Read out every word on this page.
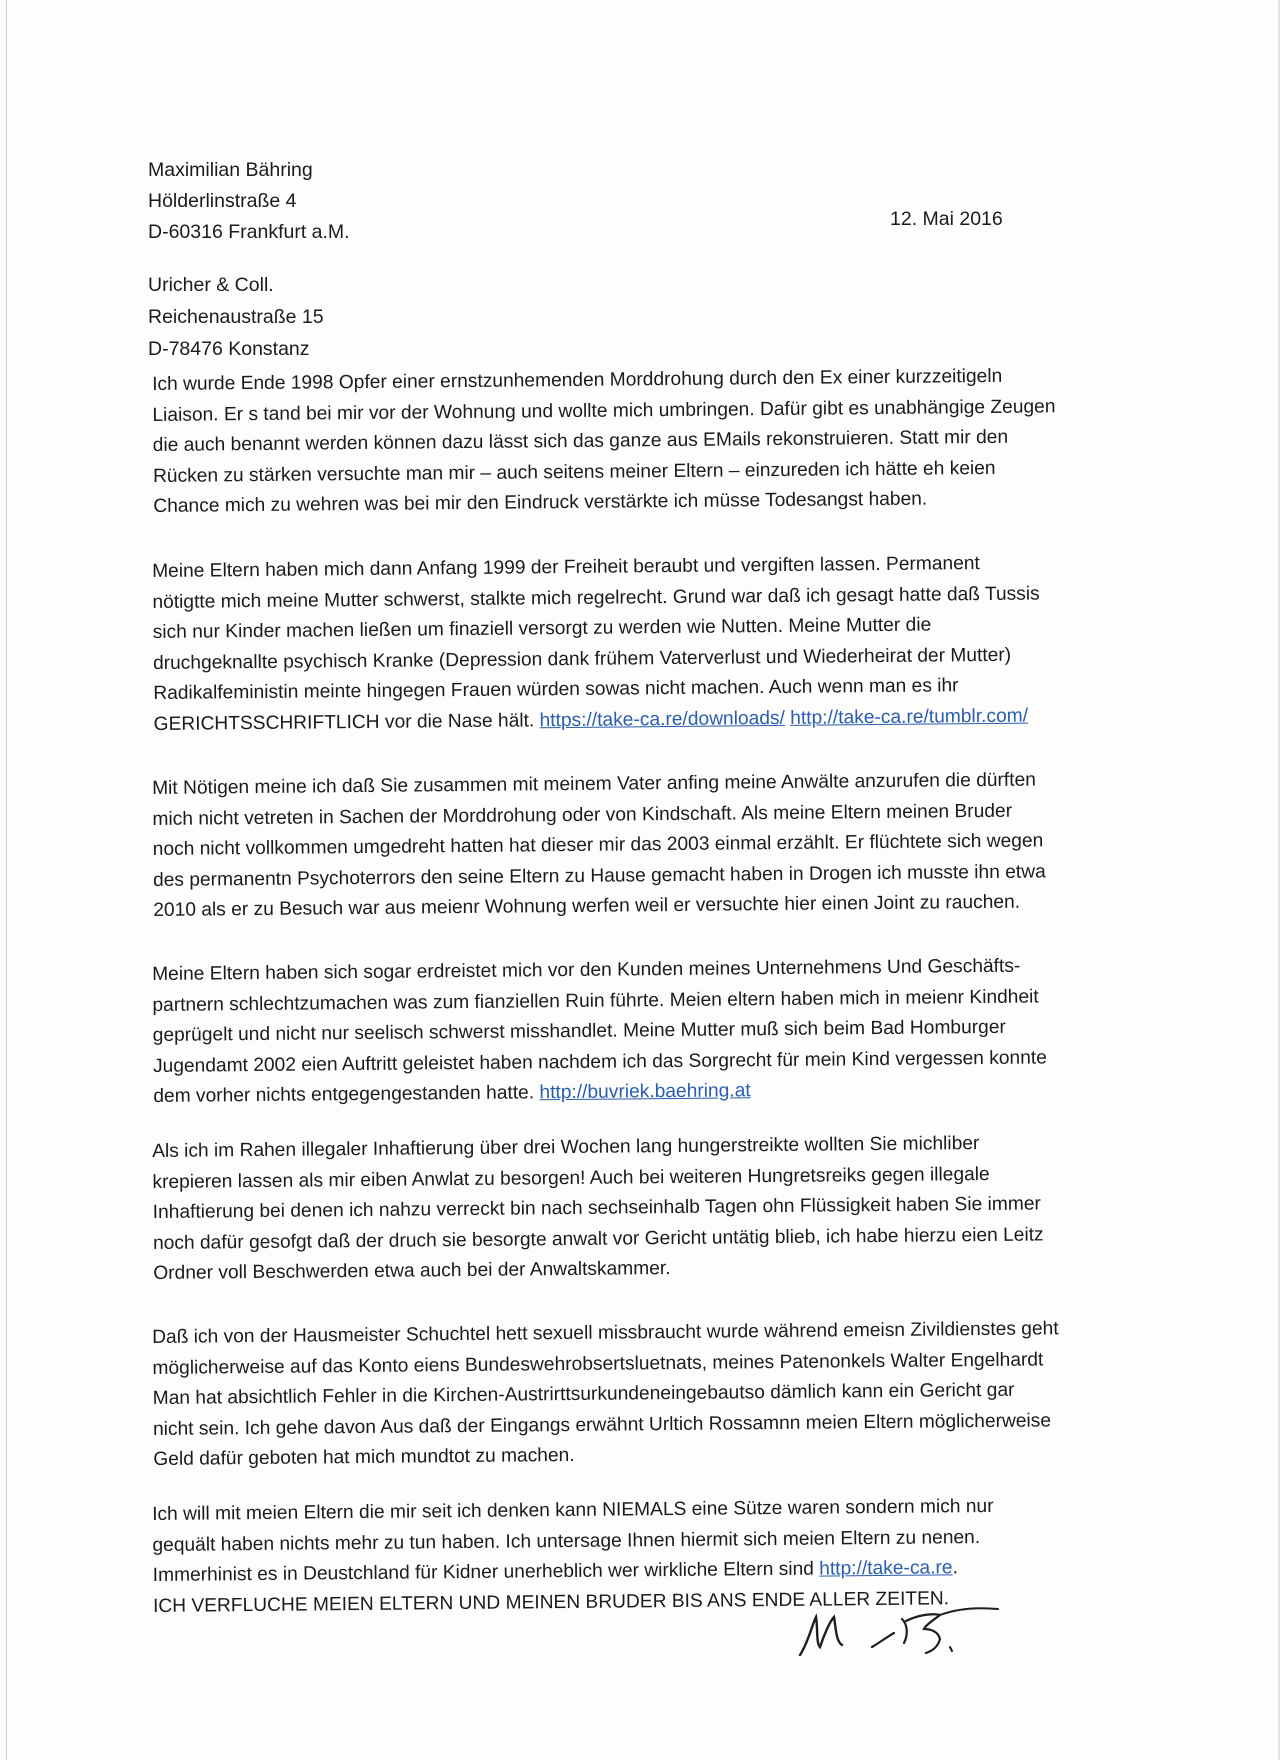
Maximilian Bähring
Hölderlinstraße 4
D-60316 Frankfurt a.M.
12. Mai 2016
Uricher & Coll.
Reichenaustraße 15
D-78476 Konstanz
Ich wurde Ende 1998 Opfer einer ernstzunhemenden Morddrohung durch den Ex einer kurzzeitigeln
Liaison. Er s tand bei mir vor der Wohnung und wollte mich umbringen. Dafür gibt es unabhängige Zeugen
die auch benannt werden können dazu lässt sich das ganze aus EMails rekonstruieren. Statt mir den
Rücken zu stärken versuchte man mir – auch seitens meiner Eltern – einzureden ich hätte eh keien
Chance mich zu wehren was bei mir den Eindruck verstärkte ich müsse Todesangst haben.
Meine Eltern haben mich dann Anfang 1999 der Freiheit beraubt und vergiften lassen. Permanent
nötigtte mich meine Mutter schwerst, stalkte mich regelrecht. Grund war daß ich gesagt hatte daß Tussis
sich nur Kinder machen ließen um finaziell versorgt zu werden wie Nutten. Meine Mutter die
druchgeknallte psychisch Kranke (Depression dank frühem Vaterverlust und Wiederheirat der Mutter)
Radikalfeministin meinte hingegen Frauen würden sowas nicht machen. Auch wenn man es ihr
GERICHTSSCHRIFTLICH vor die Nase hält. https://take-ca.re/downloads/ http://take-ca.re/tumblr.com/
Mit Nötigen meine ich daß Sie zusammen mit meinem Vater anfing meine Anwälte anzurufen die dürften
mich nicht vetreten in Sachen der Morddrohung oder von Kindschaft. Als meine Eltern meinen Bruder
noch nicht vollkommen umgedreht hatten hat dieser mir das 2003 einmal erzählt. Er flüchtete sich wegen
des permanentn Psychoterrors den seine Eltern zu Hause gemacht haben in Drogen ich musste ihn etwa
2010 als er zu Besuch war aus meienr Wohnung werfen weil er versuchte hier einen Joint zu rauchen.
Meine Eltern haben sich sogar erdreistet mich vor den Kunden meines Unternehmens Und Geschäfts-
partnern schlechtzumachen was zum fianziellen Ruin führte. Meien eltern haben mich in meienr Kindheit
geprügelt und nicht nur seelisch schwerst misshandlet. Meine Mutter muß sich beim Bad Homburger
Jugendamt 2002 eien Auftritt geleistet haben nachdem ich das Sorgrecht für mein Kind vergessen konnte
dem vorher nichts entgegengestanden hatte. http://buvriek.baehring.at
Als ich im Rahen illegaler Inhaftierung über drei Wochen lang hungerstreikte wollten Sie michliber
krepieren lassen als mir eiben Anwlat zu besorgen! Auch bei weiteren Hungretsreiks gegen illegale
Inhaftierung bei denen ich nahzu verreckt bin nach sechseinhalb Tagen ohn Flüssigkeit haben Sie immer
noch dafür gesofgt daß der druch sie besorgte anwalt vor Gericht untätig blieb, ich habe hierzu eien Leitz
Ordner voll Beschwerden etwa auch bei der Anwaltskammer.
Daß ich von der Hausmeister Schuchtel hett sexuell missbraucht wurde während emeisn Zivildienstes geht
möglicherweise auf das Konto eiens Bundeswehrobsertsluetnats, meines Patenonkels Walter Engelhardt
Man hat absichtlich Fehler in die Kirchen-Austrirttsurkundeneingebautso dämlich kann ein Gericht gar
nicht sein. Ich gehe davon Aus daß der Eingangs erwähnt Urltich Rossamnn meien Eltern möglicherweise
Geld dafür geboten hat mich mundtot zu machen.
Ich will mit meien Eltern die mir seit ich denken kann NIEMALS eine Sütze waren sondern mich nur
gequält haben nichts mehr zu tun haben. Ich untersage Ihnen hiermit sich meien Eltern zu nenen.
Immerhinist es in Deustchland für Kidner unerheblich wer wirkliche Eltern sind http://take-ca.re.
ICH VERFLUCHE MEIEN ELTERN UND MEINEN BRUDER BIS ANS ENDE ALLER ZEITEN.
